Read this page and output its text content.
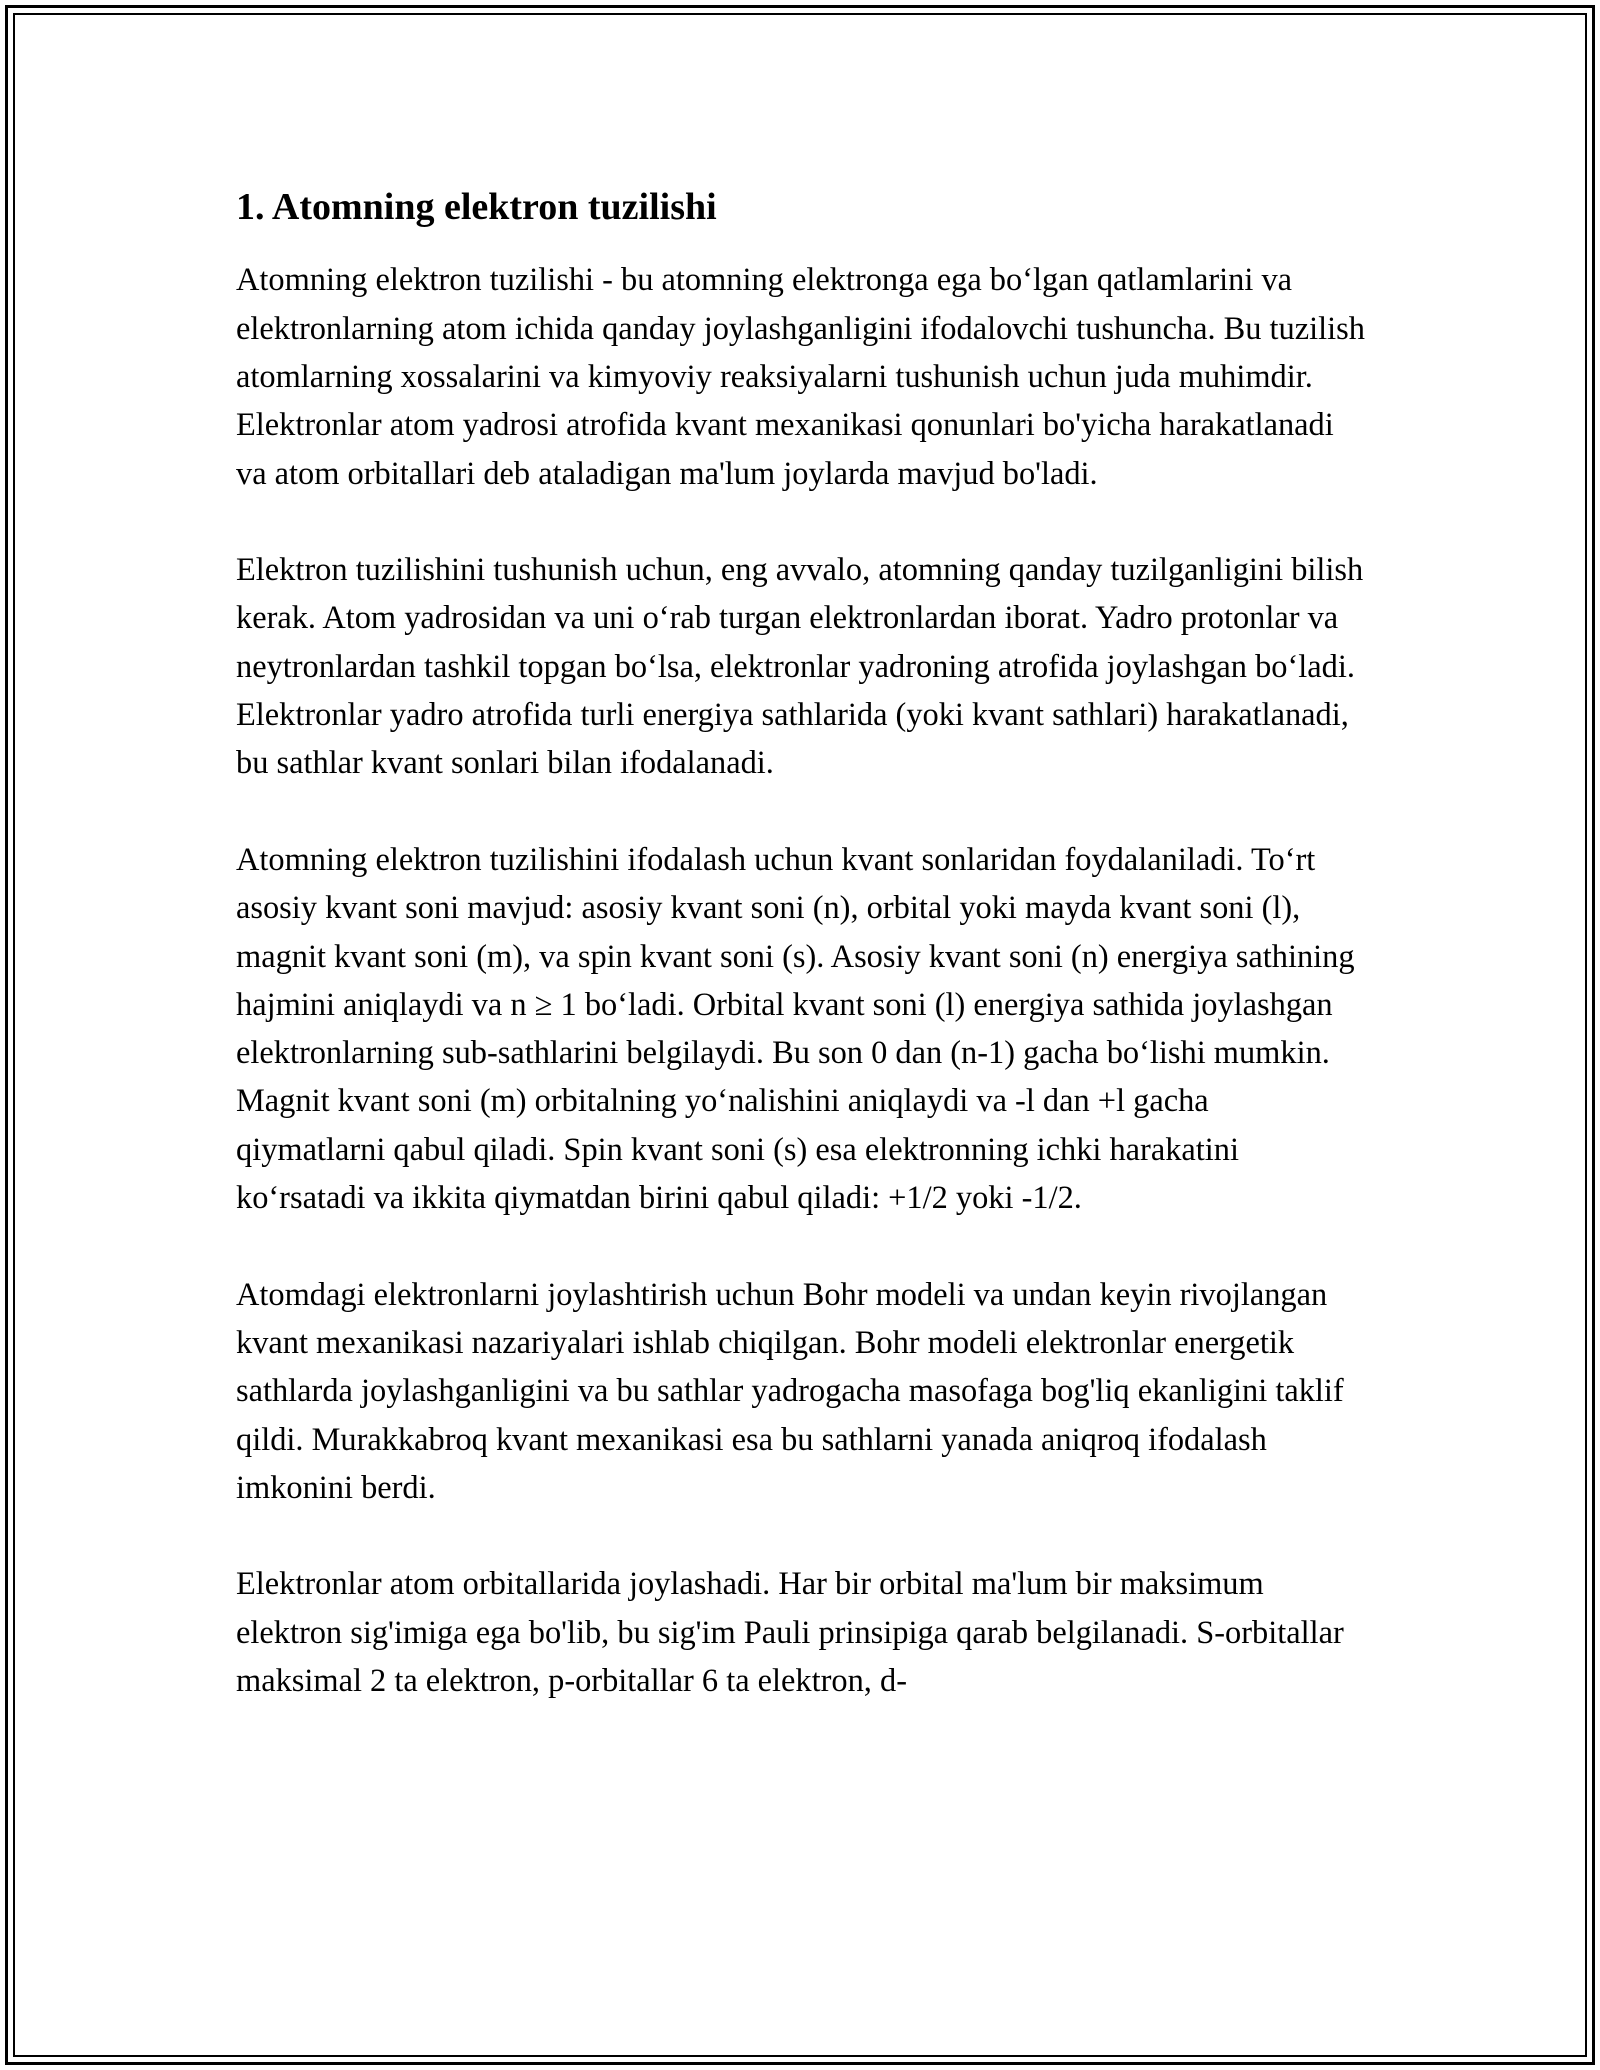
1. Atomning elektron tuzilishi

Atomning elektron tuzilishi - bu atomning elektronga ega bo‘lgan qatlamlarini va elektronlarning atom ichida qanday joylashganligini ifodalovchi tushuncha. Bu tuzilish atomlarning xossalarini va kimyoviy reaksiyalarni tushunish uchun juda muhimdir. Elektronlar atom yadrosi atrofida kvant mexanikasi qonunlari bo'yicha harakatlanadi va atom orbitallari deb ataladigan ma'lum joylarda mavjud bo'ladi.

Elektron tuzilishini tushunish uchun, eng avvalo, atomning qanday tuzilganligini bilish kerak. Atom yadrosidan va uni o‘rab turgan elektronlardan iborat. Yadro protonlar va neytronlardan tashkil topgan bo‘lsa, elektronlar yadroning atrofida joylashgan bo‘ladi. Elektronlar yadro atrofida turli energiya sathlarida (yoki kvant sathlari) harakatlanadi, bu sathlar kvant sonlari bilan ifodalanadi.

Atomning elektron tuzilishini ifodalash uchun kvant sonlaridan foydalaniladi. To‘rt asosiy kvant soni mavjud: asosiy kvant soni (n), orbital yoki mayda kvant soni (l), magnit kvant soni (m), va spin kvant soni (s). Asosiy kvant soni (n) energiya sathining hajmini aniqlaydi va n ≥ 1 bo‘ladi. Orbital kvant soni (l) energiya sathida joylashgan elektronlarning sub-sathlarini belgilaydi. Bu son 0 dan (n-1) gacha bo‘lishi mumkin. Magnit kvant soni (m) orbitalning yo‘nalishini aniqlaydi va -l dan +l gacha qiymatlarni qabul qiladi. Spin kvant soni (s) esa elektronning ichki harakatini ko‘rsatadi va ikkita qiymatdan birini qabul qiladi: +1/2 yoki -1/2.

Atomdagi elektronlarni joylashtirish uchun Bohr modeli va undan keyin rivojlangan kvant mexanikasi nazariyalari ishlab chiqilgan. Bohr modeli elektronlar energetik sathlarda joylashganligini va bu sathlar yadrogacha masofaga bog'liq ekanligini taklif qildi. Murakkabroq kvant mexanikasi esa bu sathlarni yanada aniqroq ifodalash imkonini berdi.

Elektronlar atom orbitallarida joylashadi. Har bir orbital ma'lum bir maksimum elektron sig'imiga ega bo'lib, bu sig'im Pauli prinsipiga qarab belgilanadi. S-orbitallar maksimal 2 ta elektron, p-orbitallar 6 ta elektron, d-
